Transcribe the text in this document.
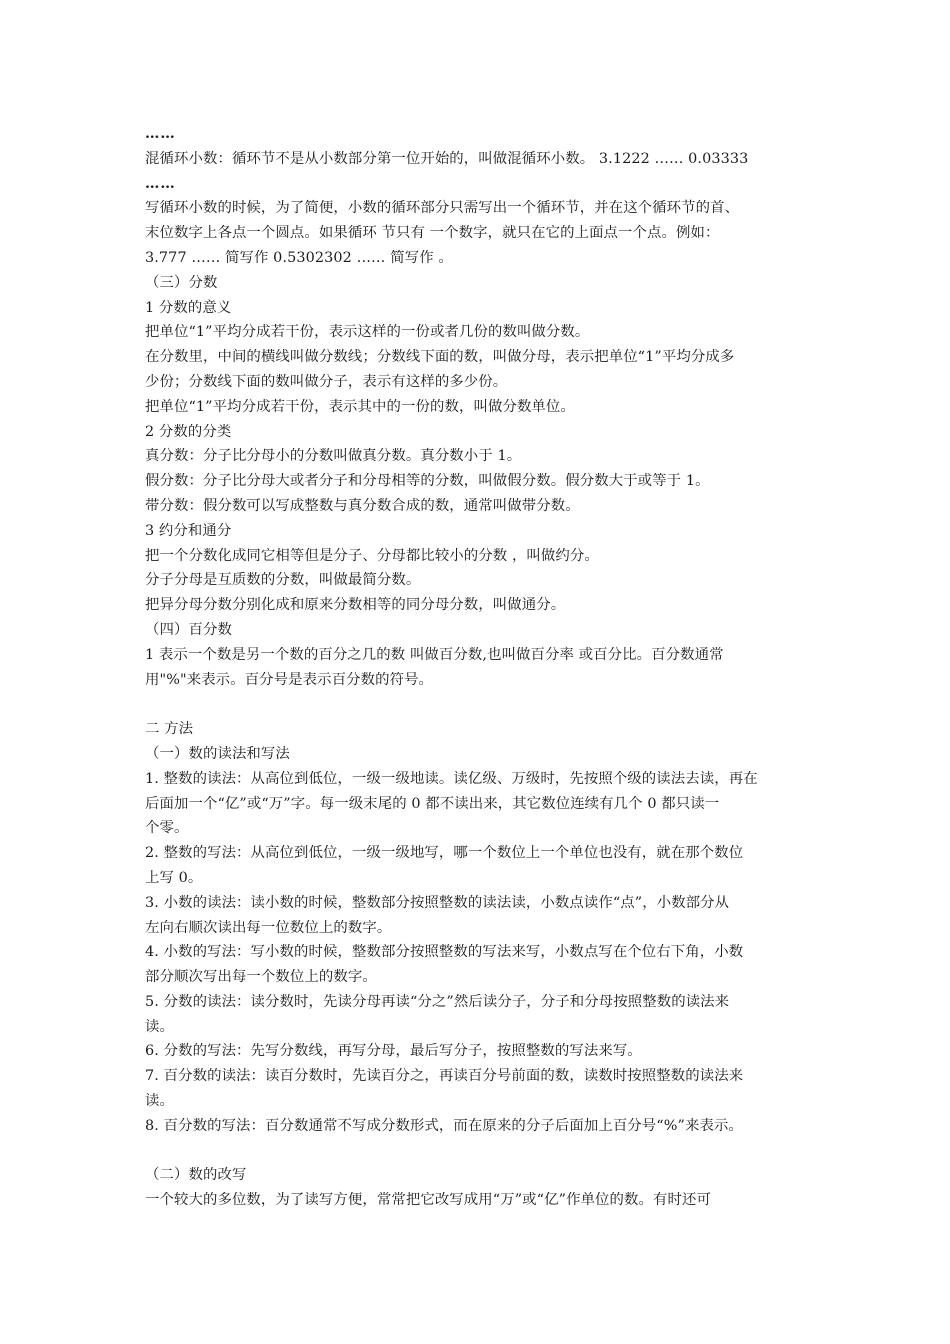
……
混循环小数：循环节不是从小数部分第一位开始的，叫做混循环小数。 3.1222 …… 0.03333
……
写循环小数的时候，为了简便，小数的循环部分只需写出一个循环节，并在这个循环节的首、
末位数字上各点一个圆点。如果循环 节只有 一个数字，就只在它的上面点一个点。例如：
3.777 …… 简写作 0.5302302 …… 简写作 。
（三）分数
1 分数的意义
把单位“1”平均分成若干份，表示这样的一份或者几份的数叫做分数。
在分数里，中间的横线叫做分数线；分数线下面的数，叫做分母，表示把单位“1”平均分成多
少份；分数线下面的数叫做分子，表示有这样的多少份。
把单位“1”平均分成若干份，表示其中的一份的数，叫做分数单位。
2 分数的分类
真分数：分子比分母小的分数叫做真分数。真分数小于 1。
假分数：分子比分母大或者分子和分母相等的分数，叫做假分数。假分数大于或等于 1。
带分数：假分数可以写成整数与真分数合成的数，通常叫做带分数。
3 约分和通分
把一个分数化成同它相等但是分子、分母都比较小的分数 ，叫做约分。
分子分母是互质数的分数，叫做最简分数。
把异分母分数分别化成和原来分数相等的同分母分数，叫做通分。
（四）百分数
1 表示一个数是另一个数的百分之几的数 叫做百分数,也叫做百分率 或百分比。百分数通常
用"%"来表示。百分号是表示百分数的符号。
二 方法
（一）数的读法和写法
1. 整数的读法：从高位到低位，一级一级地读。读亿级、万级时，先按照个级的读法去读，再在
后面加一个“亿”或“万”字。每一级末尾的 0 都不读出来，其它数位连续有几个 0 都只读一
个零。
2. 整数的写法：从高位到低位，一级一级地写，哪一个数位上一个单位也没有，就在那个数位
上写 0。
3. 小数的读法：读小数的时候，整数部分按照整数的读法读，小数点读作“点”，小数部分从
左向右顺次读出每一位数位上的数字。
4. 小数的写法：写小数的时候，整数部分按照整数的写法来写，小数点写在个位右下角，小数
部分顺次写出每一个数位上的数字。
5. 分数的读法：读分数时，先读分母再读“分之”然后读分子，分子和分母按照整数的读法来
读。
6. 分数的写法：先写分数线，再写分母，最后写分子，按照整数的写法来写。
7. 百分数的读法：读百分数时，先读百分之，再读百分号前面的数，读数时按照整数的读法来
读。
8. 百分数的写法：百分数通常不写成分数形式，而在原来的分子后面加上百分号“%”来表示。
（二）数的改写
一个较大的多位数，为了读写方便，常常把它改写成用“万”或“亿”作单位的数。有时还可
